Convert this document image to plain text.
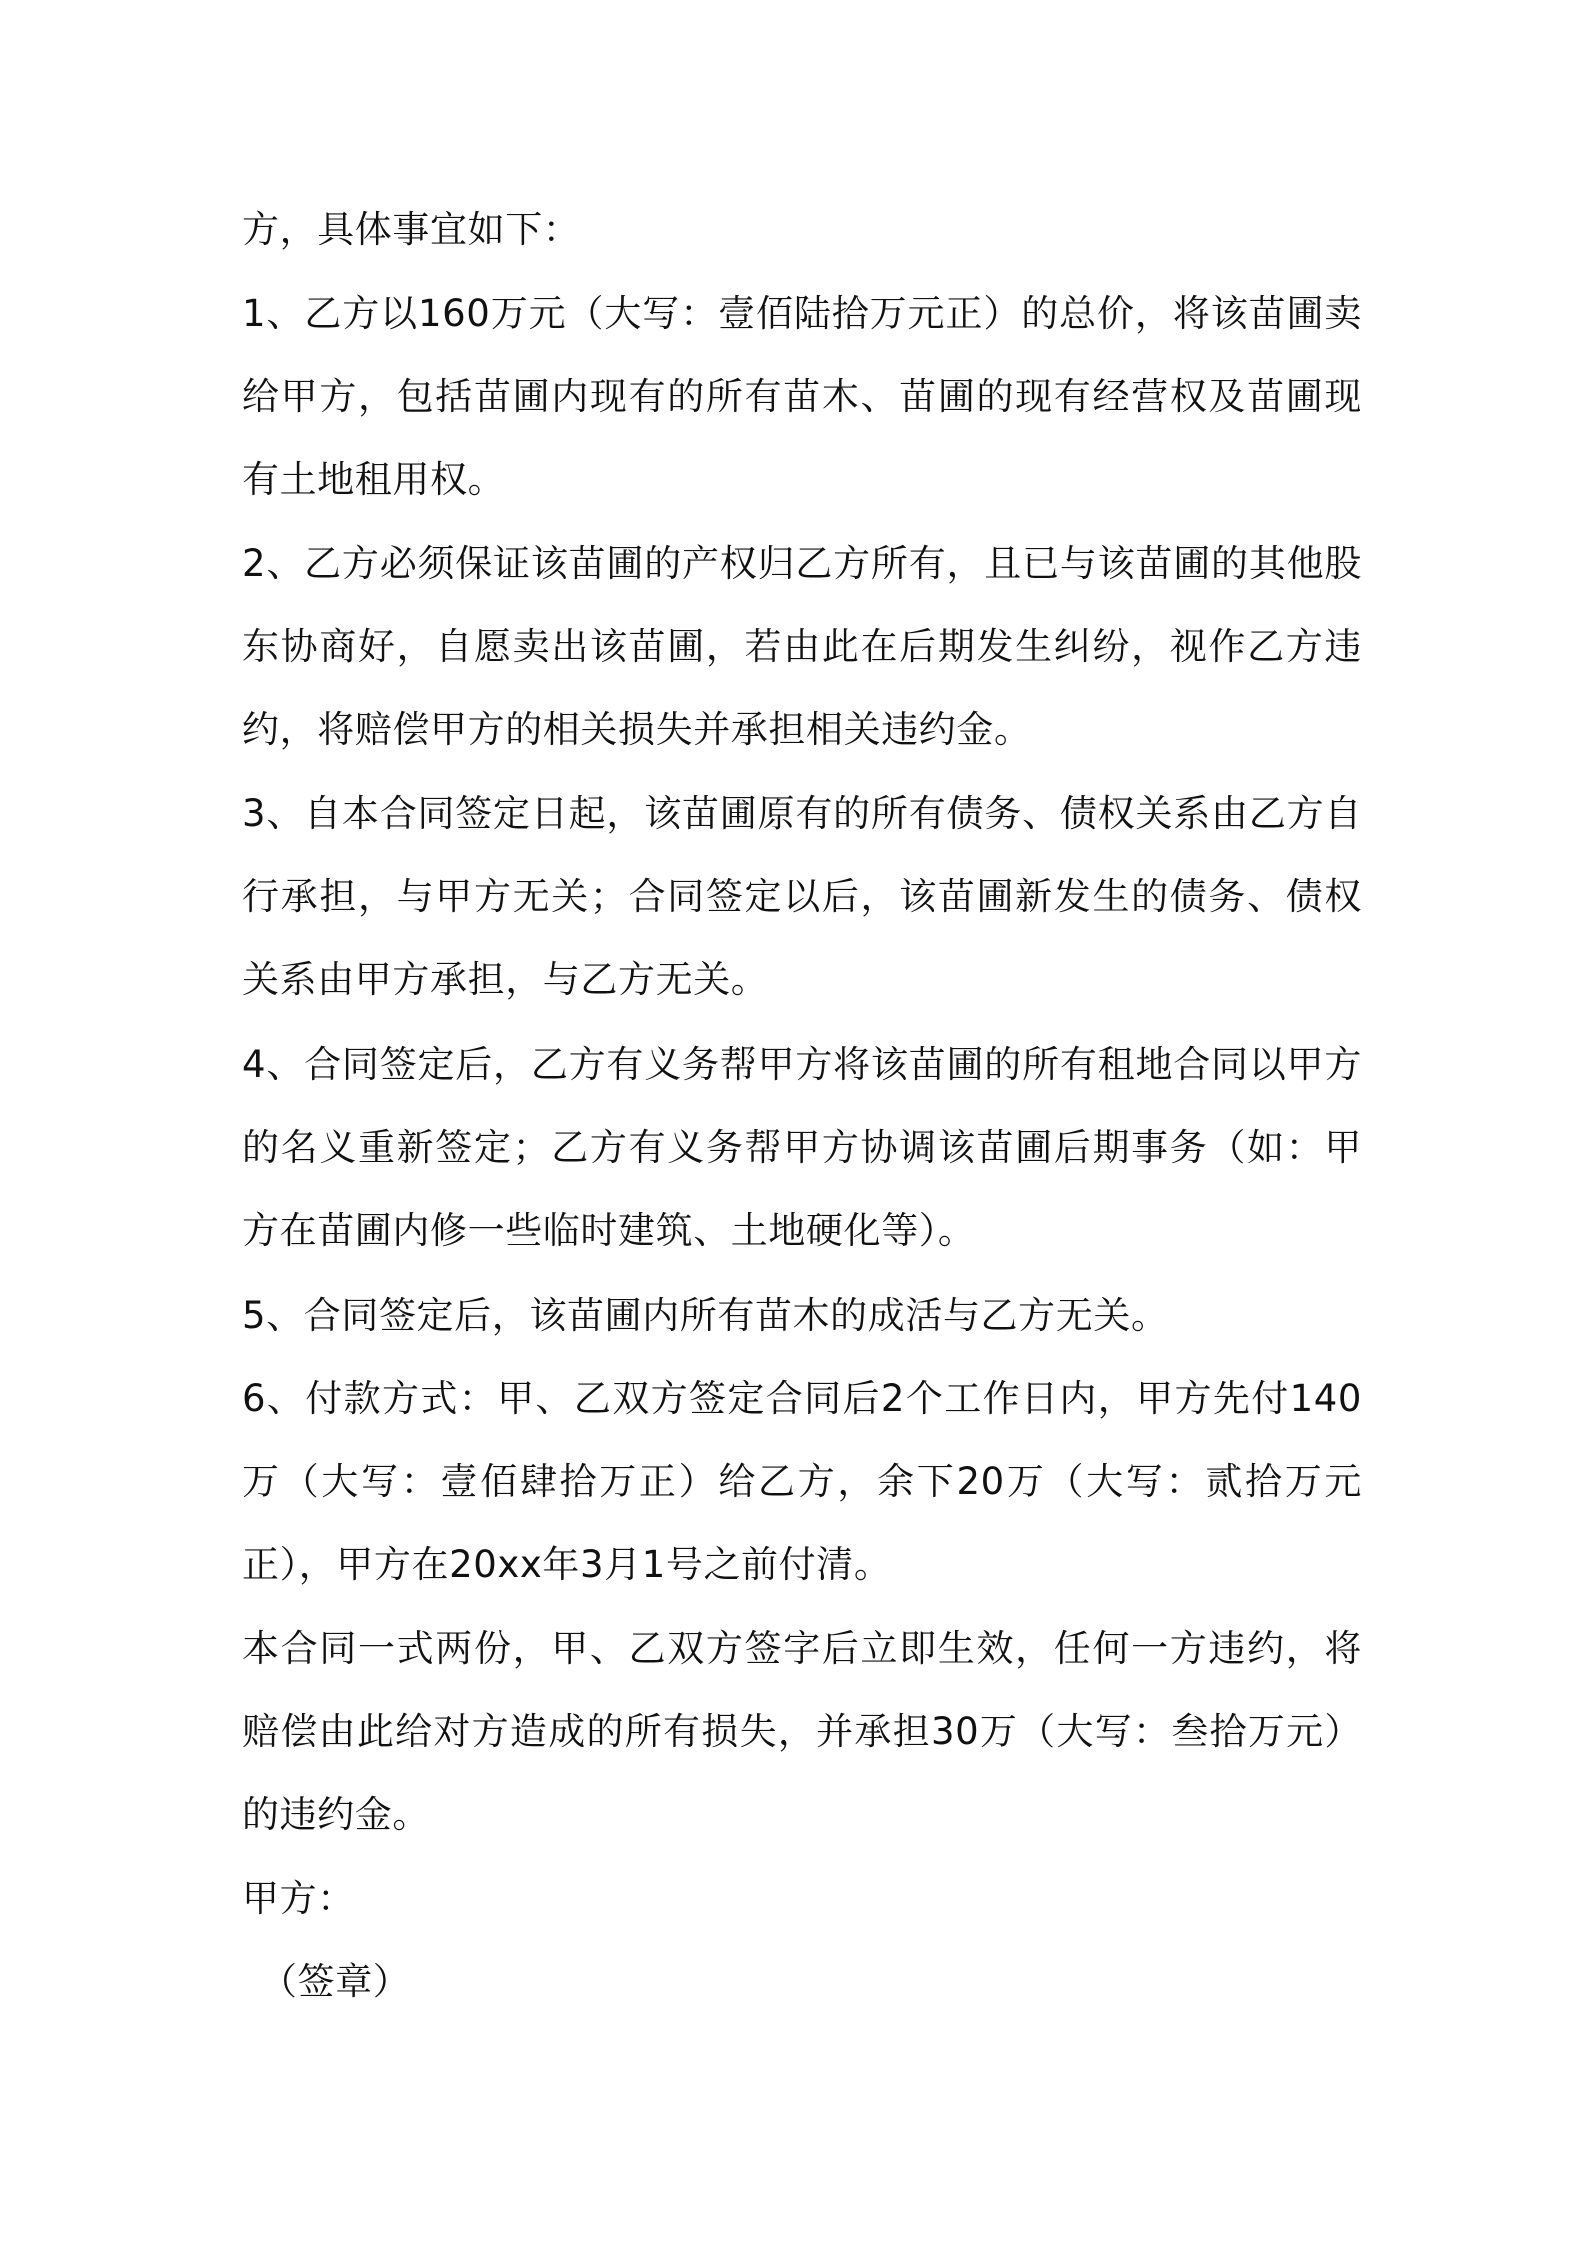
方，具体事宜如下：

1、乙方以160万元（大写：壹佰陆拾万元正）的总价，将该苗圃卖给甲方，包括苗圃内现有的所有苗木、苗圃的现有经营权及苗圃现有土地租用权。

2、乙方必须保证该苗圃的产权归乙方所有，且已与该苗圃的其他股东协商好，自愿卖出该苗圃，若由此在后期发生纠纷，视作乙方违约，将赔偿甲方的相关损失并承担相关违约金。

3、自本合同签定日起，该苗圃原有的所有债务、债权关系由乙方自行承担，与甲方无关；合同签定以后，该苗圃新发生的债务、债权关系由甲方承担，与乙方无关。

4、合同签定后，乙方有义务帮甲方将该苗圃的所有租地合同以甲方的名义重新签定；乙方有义务帮甲方协调该苗圃后期事务（如：甲方在苗圃内修一些临时建筑、土地硬化等）。

5、合同签定后，该苗圃内所有苗木的成活与乙方无关。

6、付款方式：甲、乙双方签定合同后2个工作日内，甲方先付140万（大写：壹佰肆拾万正）给乙方，余下20万（大写：贰拾万元正），甲方在20xx年3月1号之前付清。

本合同一式两份，甲、乙双方签字后立即生效，任何一方违约，将赔偿由此给对方造成的所有损失，并承担30万（大写：叁拾万元）的违约金。

甲方：

（签章）
